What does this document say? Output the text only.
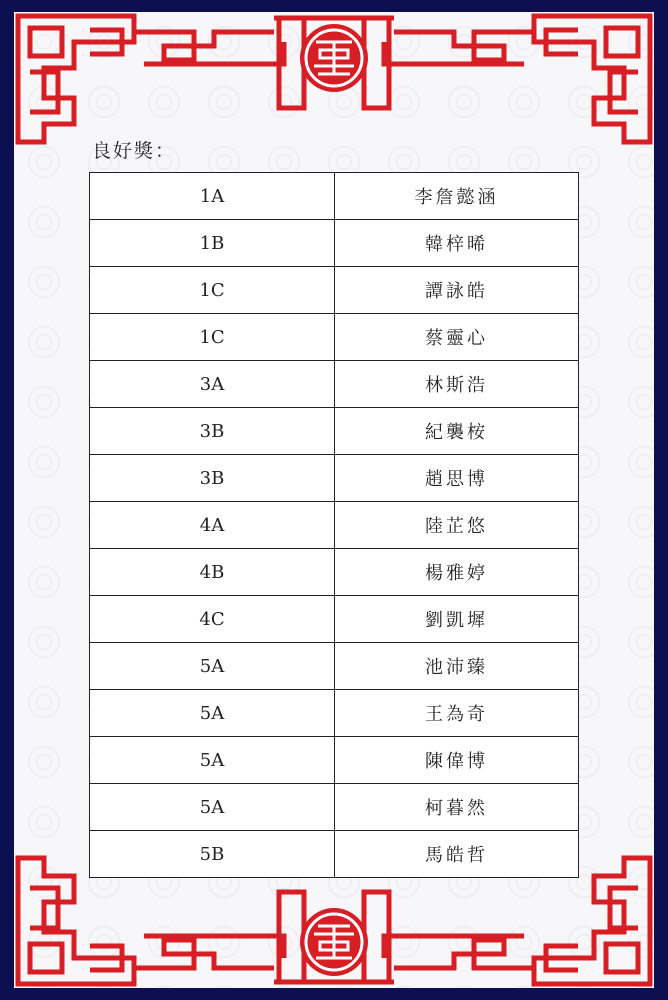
良好獎：
1A	李詹懿涵
1B	韓梓晞
1C	譚詠皓
1C	蔡靈心
3A	林斯浩
3B	紀襲桉
3B	趙思博
4A	陸芷悠
4B	楊雅婷
4C	劉凱墀
5A	池沛臻
5A	王為奇
5A	陳偉博
5A	柯暮然
5B	馬皓哲
